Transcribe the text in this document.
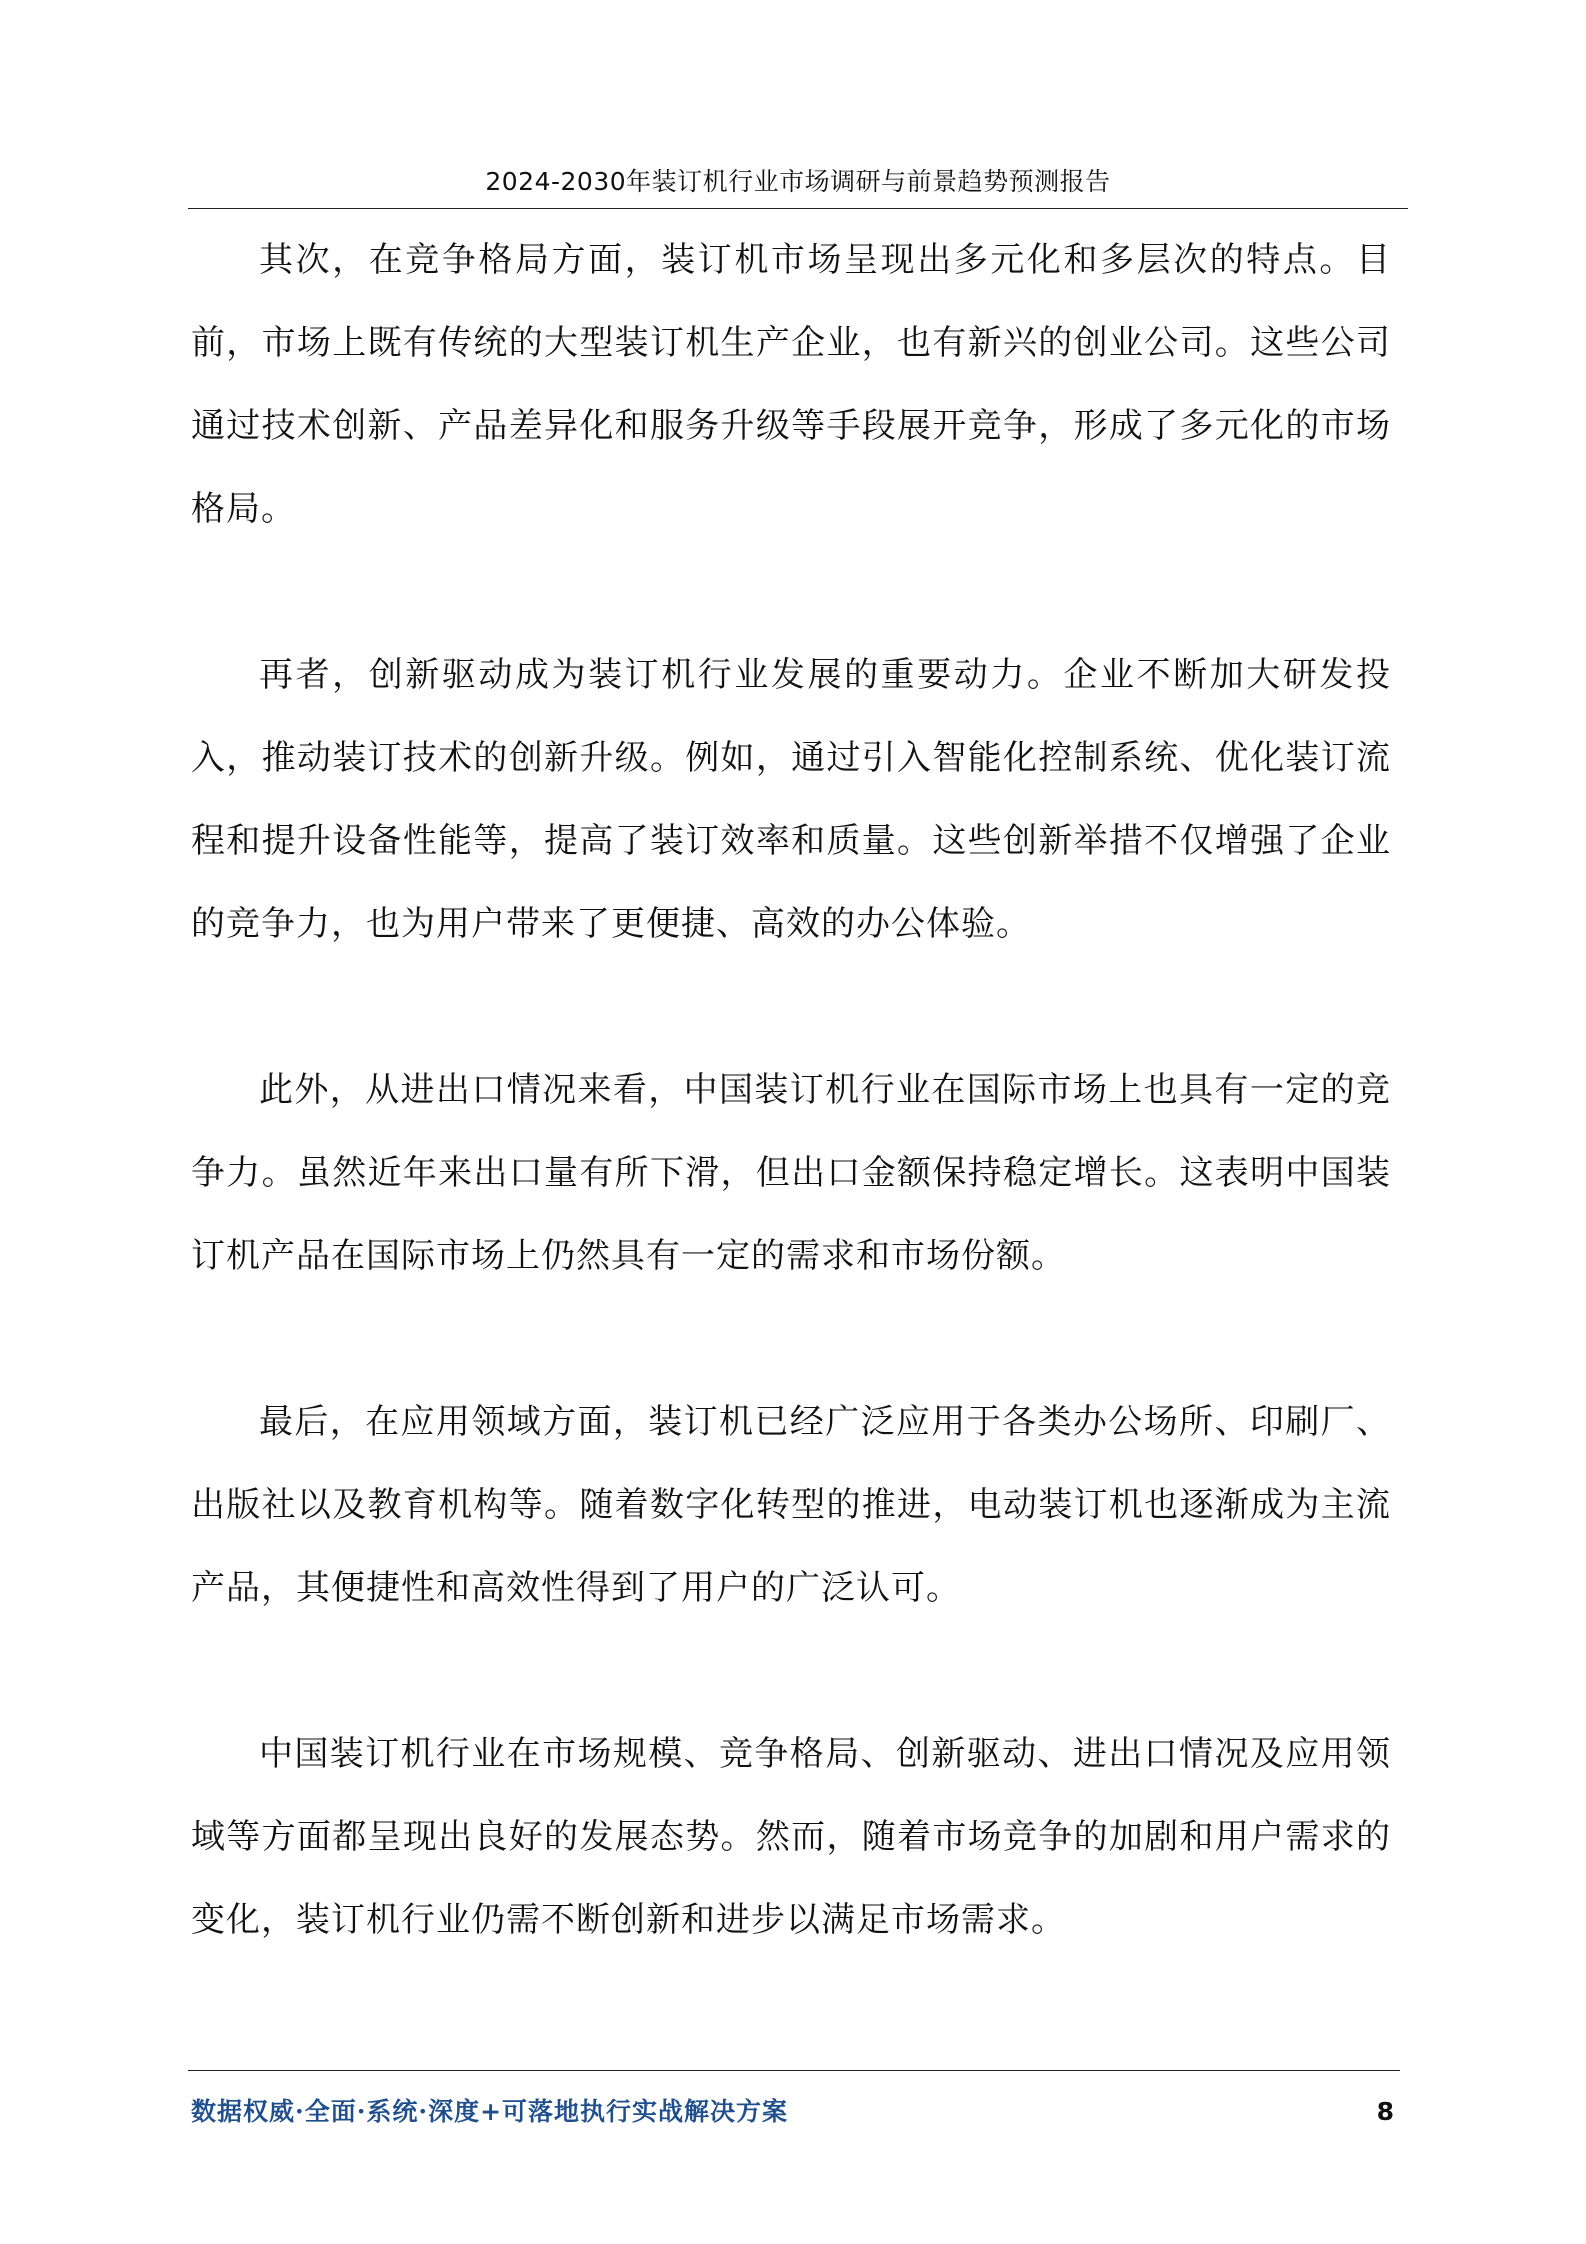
2024-2030年装订机行业市场调研与前景趋势预测报告

其次，在竞争格局方面，装订机市场呈现出多元化和多层次的特点。目前，市场上既有传统的大型装订机生产企业，也有新兴的创业公司。这些公司通过技术创新、产品差异化和服务升级等手段展开竞争，形成了多元化的市场格局。

再者，创新驱动成为装订机行业发展的重要动力。企业不断加大研发投入，推动装订技术的创新升级。例如，通过引入智能化控制系统、优化装订流程和提升设备性能等，提高了装订效率和质量。这些创新举措不仅增强了企业的竞争力，也为用户带来了更便捷、高效的办公体验。

此外，从进出口情况来看，中国装订机行业在国际市场上也具有一定的竞争力。虽然近年来出口量有所下滑，但出口金额保持稳定增长。这表明中国装订机产品在国际市场上仍然具有一定的需求和市场份额。

最后，在应用领域方面，装订机已经广泛应用于各类办公场所、印刷厂、出版社以及教育机构等。随着数字化转型的推进，电动装订机也逐渐成为主流产品，其便捷性和高效性得到了用户的广泛认可。

中国装订机行业在市场规模、竞争格局、创新驱动、进出口情况及应用领域等方面都呈现出良好的发展态势。然而，随着市场竞争的加剧和用户需求的变化，装订机行业仍需不断创新和进步以满足市场需求。

数据权威·全面·系统·深度+可落地执行实战解决方案	8
